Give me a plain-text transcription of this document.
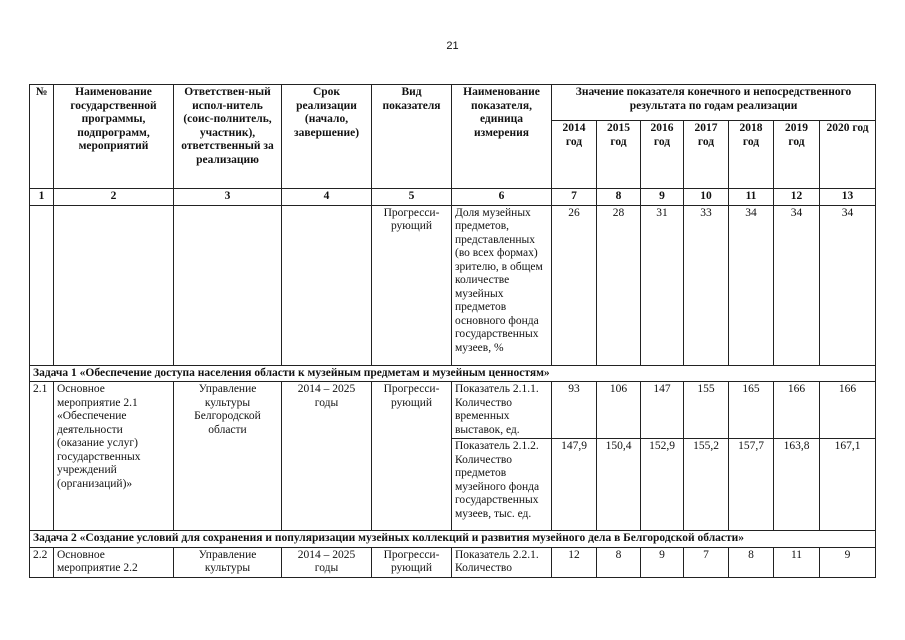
21
№	Наименование государственной программы, подпрограмм, мероприятий	Ответствен-ный испол-нитель (соис-полнитель, участник), ответственный за реализацию	Срок реализации (начало, завершение)	Вид показателя	Наименование показателя, единица измерения	Значение показателя конечного и непосредственного результата по годам реализации						
						2014 год	2015 год	2016 год	2017 год	2018 год	2019 год	2020 год
1	2	3	4	5	6	7	8	9	10	11	12	13
				Прогресси-рующий	Доля музейных предметов, представленных (во всех формах) зрителю, в общем количестве музейных предметов основного фонда государственных музеев, %	26	28	31	33	34	34	34
Задача 1 «Обеспечение доступа населения области к музейным предметам и музейным ценностям»												
2.1	Основное мероприятие 2.1 «Обеспечение деятельности (оказание услуг) государственных учреждений (организаций)»	Управление культуры Белгородской области	2014 – 2025 годы	Прогресси-рующий	Показатель 2.1.1. Количество временных выставок, ед.	93	106	147	155	165	166	166
					Показатель 2.1.2. Количество предметов музейного фонда государственных музеев, тыс. ед.	147,9	150,4	152,9	155,2	157,7	163,8	167,1
Задача 2 «Создание условий для сохранения и популяризации музейных коллекций и развития музейного дела в Белгородской области»												
2.2	Основное мероприятие 2.2	Управление культуры	2014 – 2025 годы	Прогресси-рующий	Показатель 2.2.1. Количество	12	8	9	7	8	11	9
